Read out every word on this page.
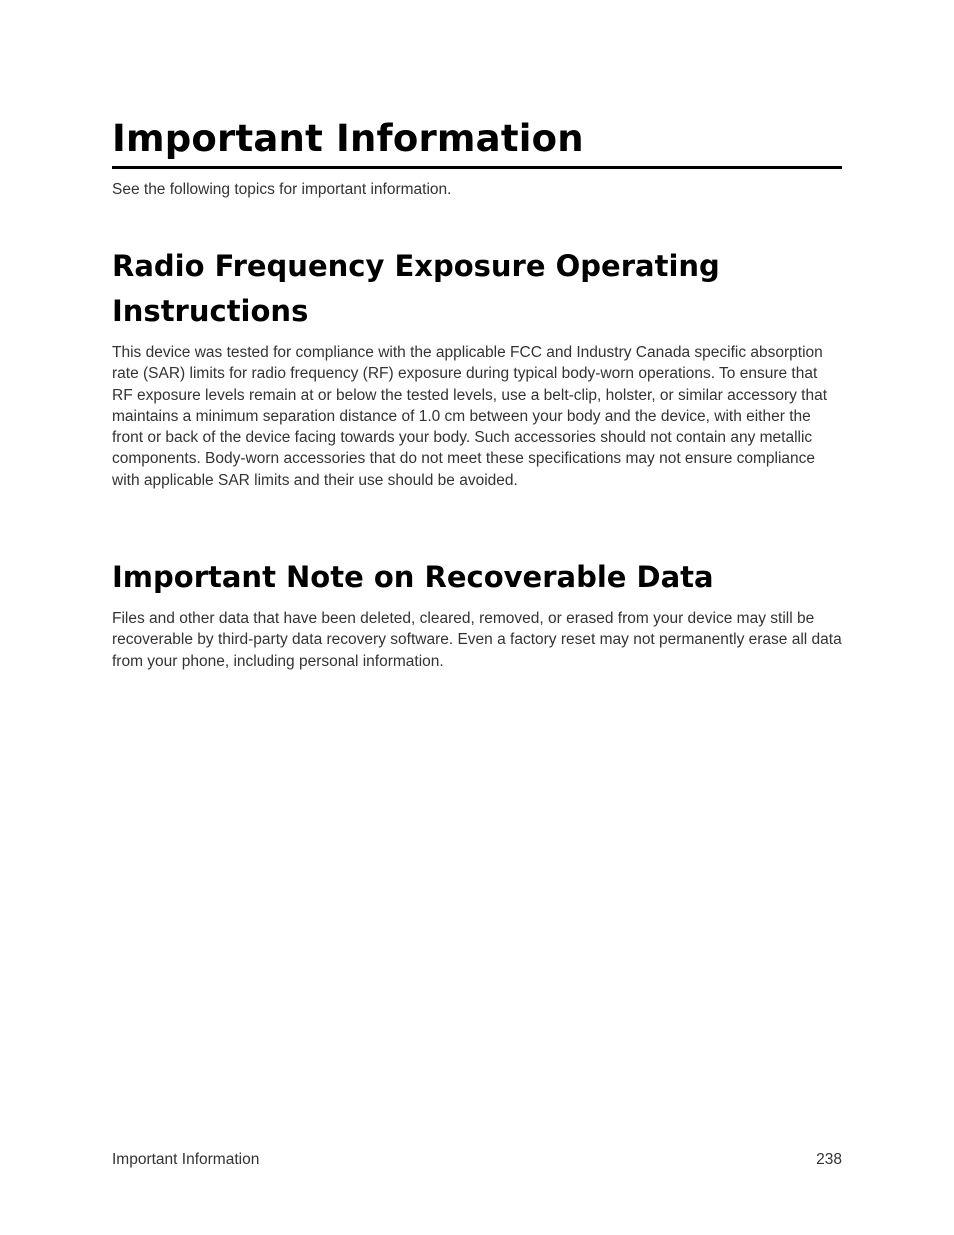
Important Information

See the following topics for important information.

Radio Frequency Exposure Operating Instructions

This device was tested for compliance with the applicable FCC and Industry Canada specific absorption rate (SAR) limits for radio frequency (RF) exposure during typical body-worn operations. To ensure that RF exposure levels remain at or below the tested levels, use a belt-clip, holster, or similar accessory that maintains a minimum separation distance of 1.0 cm between your body and the device, with either the front or back of the device facing towards your body. Such accessories should not contain any metallic components. Body-worn accessories that do not meet these specifications may not ensure compliance with applicable SAR limits and their use should be avoided.

Important Note on Recoverable Data

Files and other data that have been deleted, cleared, removed, or erased from your device may still be recoverable by third-party data recovery software. Even a factory reset may not permanently erase all data from your phone, including personal information.

Important Information	238
